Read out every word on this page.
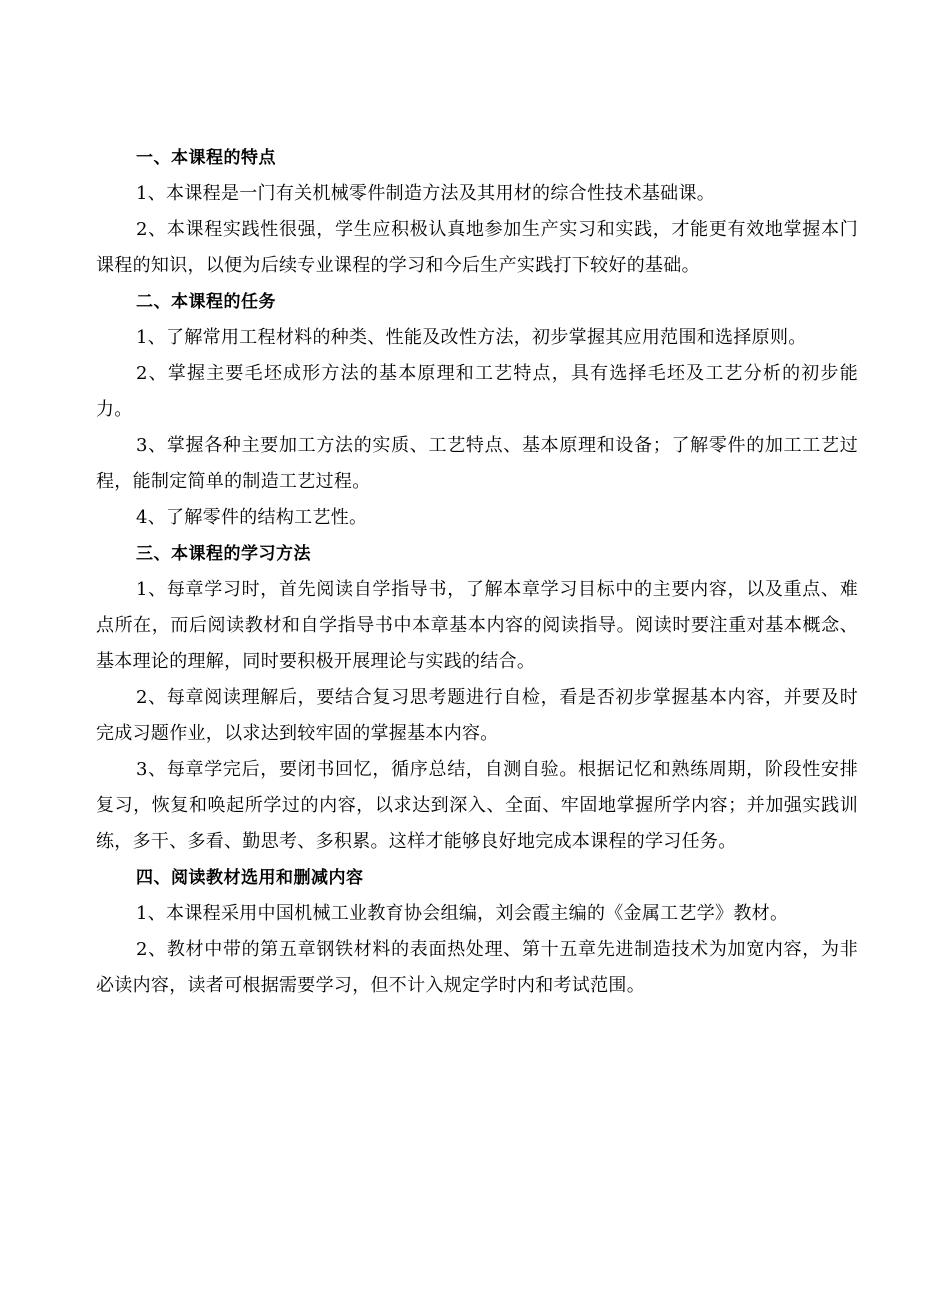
一、本课程的特点

1、本课程是一门有关机械零件制造方法及其用材的综合性技术基础课。

2、本课程实践性很强，学生应积极认真地参加生产实习和实践，才能更有效地掌握本门课程的知识，以便为后续专业课程的学习和今后生产实践打下较好的基础。

二、本课程的任务

1、了解常用工程材料的种类、性能及改性方法，初步掌握其应用范围和选择原则。

2、掌握主要毛坯成形方法的基本原理和工艺特点，具有选择毛坯及工艺分析的初步能力。

3、掌握各种主要加工方法的实质、工艺特点、基本原理和设备；了解零件的加工工艺过程，能制定简单的制造工艺过程。

4、了解零件的结构工艺性。

三、本课程的学习方法

1、每章学习时，首先阅读自学指导书，了解本章学习目标中的主要内容，以及重点、难点所在，而后阅读教材和自学指导书中本章基本内容的阅读指导。阅读时要注重对基本概念、基本理论的理解，同时要积极开展理论与实践的结合。

2、每章阅读理解后，要结合复习思考题进行自检，看是否初步掌握基本内容，并要及时完成习题作业，以求达到较牢固的掌握基本内容。

3、每章学完后，要闭书回忆，循序总结，自测自验。根据记忆和熟练周期，阶段性安排复习，恢复和唤起所学过的内容，以求达到深入、全面、牢固地掌握所学内容；并加强实践训练，多干、多看、勤思考、多积累。这样才能够良好地完成本课程的学习任务。

四、阅读教材选用和删减内容

1、本课程采用中国机械工业教育协会组编，刘会霞主编的《金属工艺学》教材。

2、教材中带的第五章钢铁材料的表面热处理、第十五章先进制造技术为加宽内容，为非必读内容，读者可根据需要学习，但不计入规定学时内和考试范围。
